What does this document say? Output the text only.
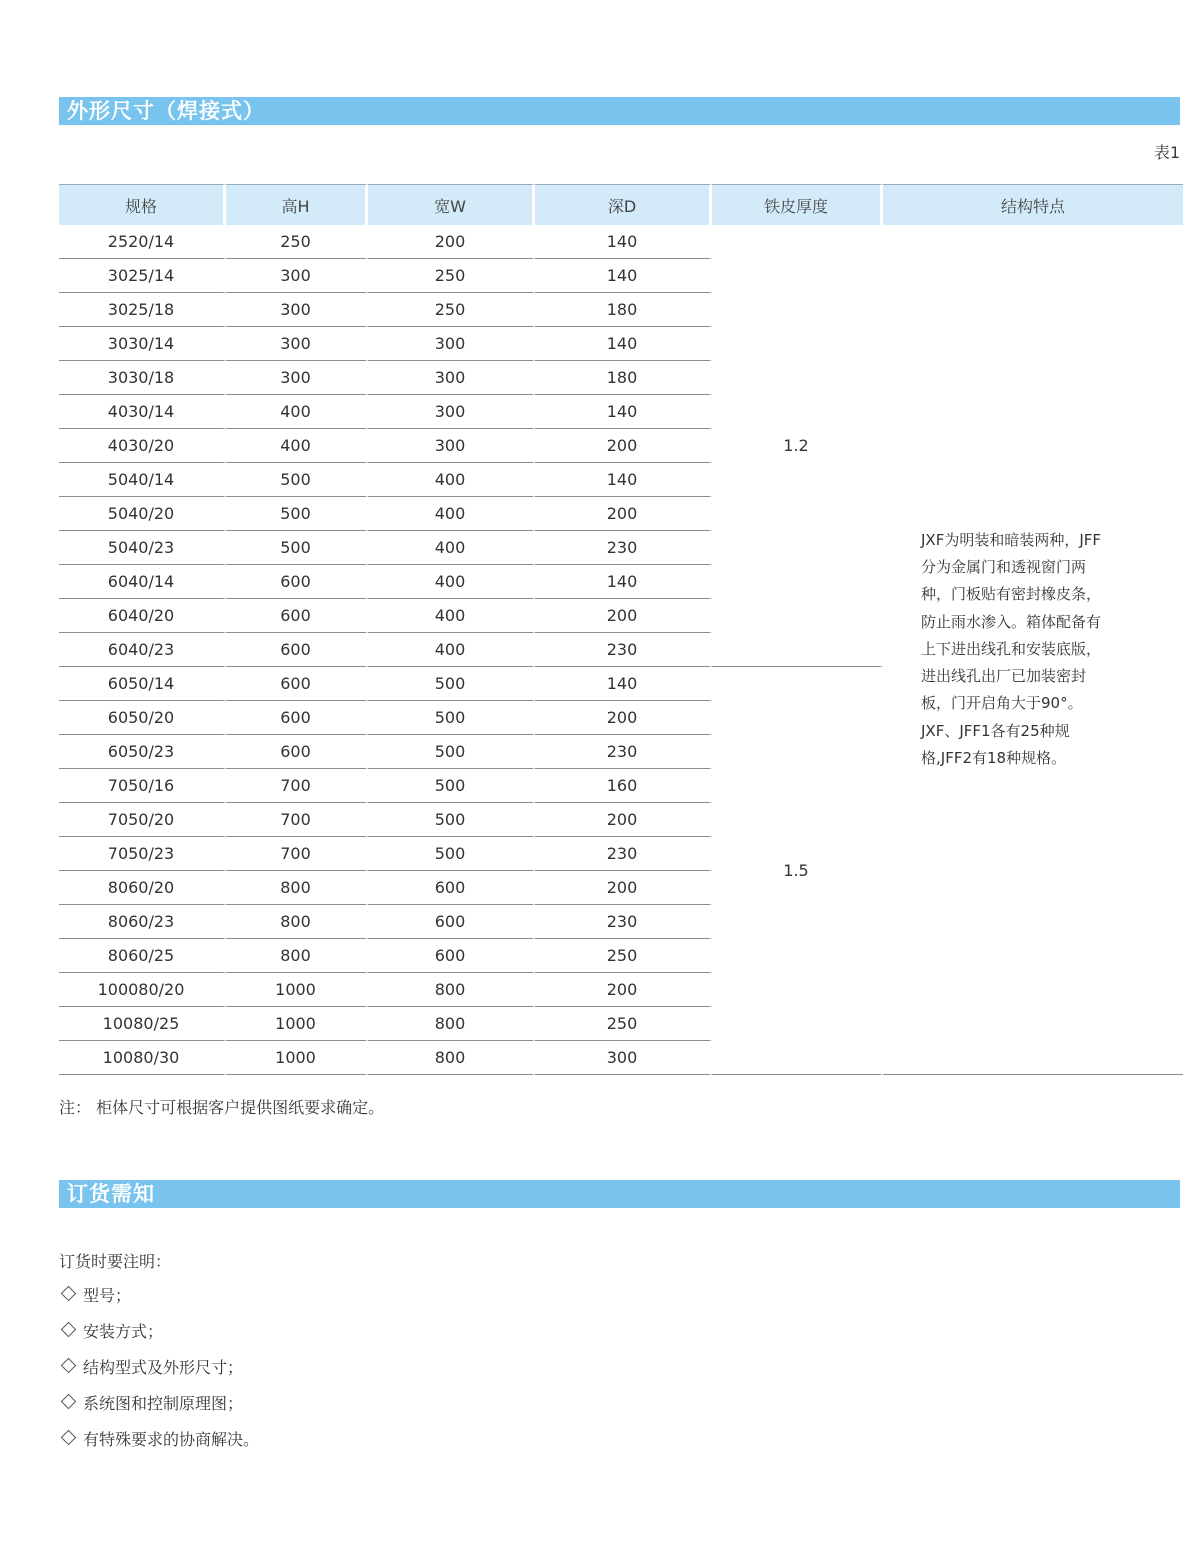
外形尺寸（焊接式）
表1
规格	高H	宽W	深D	铁皮厚度	结构特点
2520/14	250	200	140	1.2	JXF为明装和暗装两种，JFF分为金属门和透视窗门两种，门板贴有密封橡皮条，防止雨水渗入。箱体配备有上下进出线孔和安装底版，进出线孔出厂已加装密封板，门开启角大于90°。JXF、JFF1各有25种规格,JFF2有18种规格。
3025/14	300	250	140		
3025/18	300	250	180		
3030/14	300	300	140		
3030/18	300	300	180		
4030/14	400	300	140		
4030/20	400	300	200		
5040/14	500	400	140		
5040/20	500	400	200		
5040/23	500	400	230		
6040/14	600	400	140		
6040/20	600	400	200		
6040/23	600	400	230		
6050/14	600	500	140	1.5	
6050/20	600	500	200		
6050/23	600	500	230		
7050/16	700	500	160		
7050/20	700	500	200		
7050/23	700	500	230		
8060/20	800	600	200		
8060/23	800	600	230		
8060/25	800	600	250		
100080/20	1000	800	200		
10080/25	1000	800	250		
10080/30	1000	800	300		
注： 柜体尺寸可根据客户提供图纸要求确定。
订货需知
订货时要注明：
型号；
安装方式；
结构型式及外形尺寸；
系统图和控制原理图；
有特殊要求的协商解决。
